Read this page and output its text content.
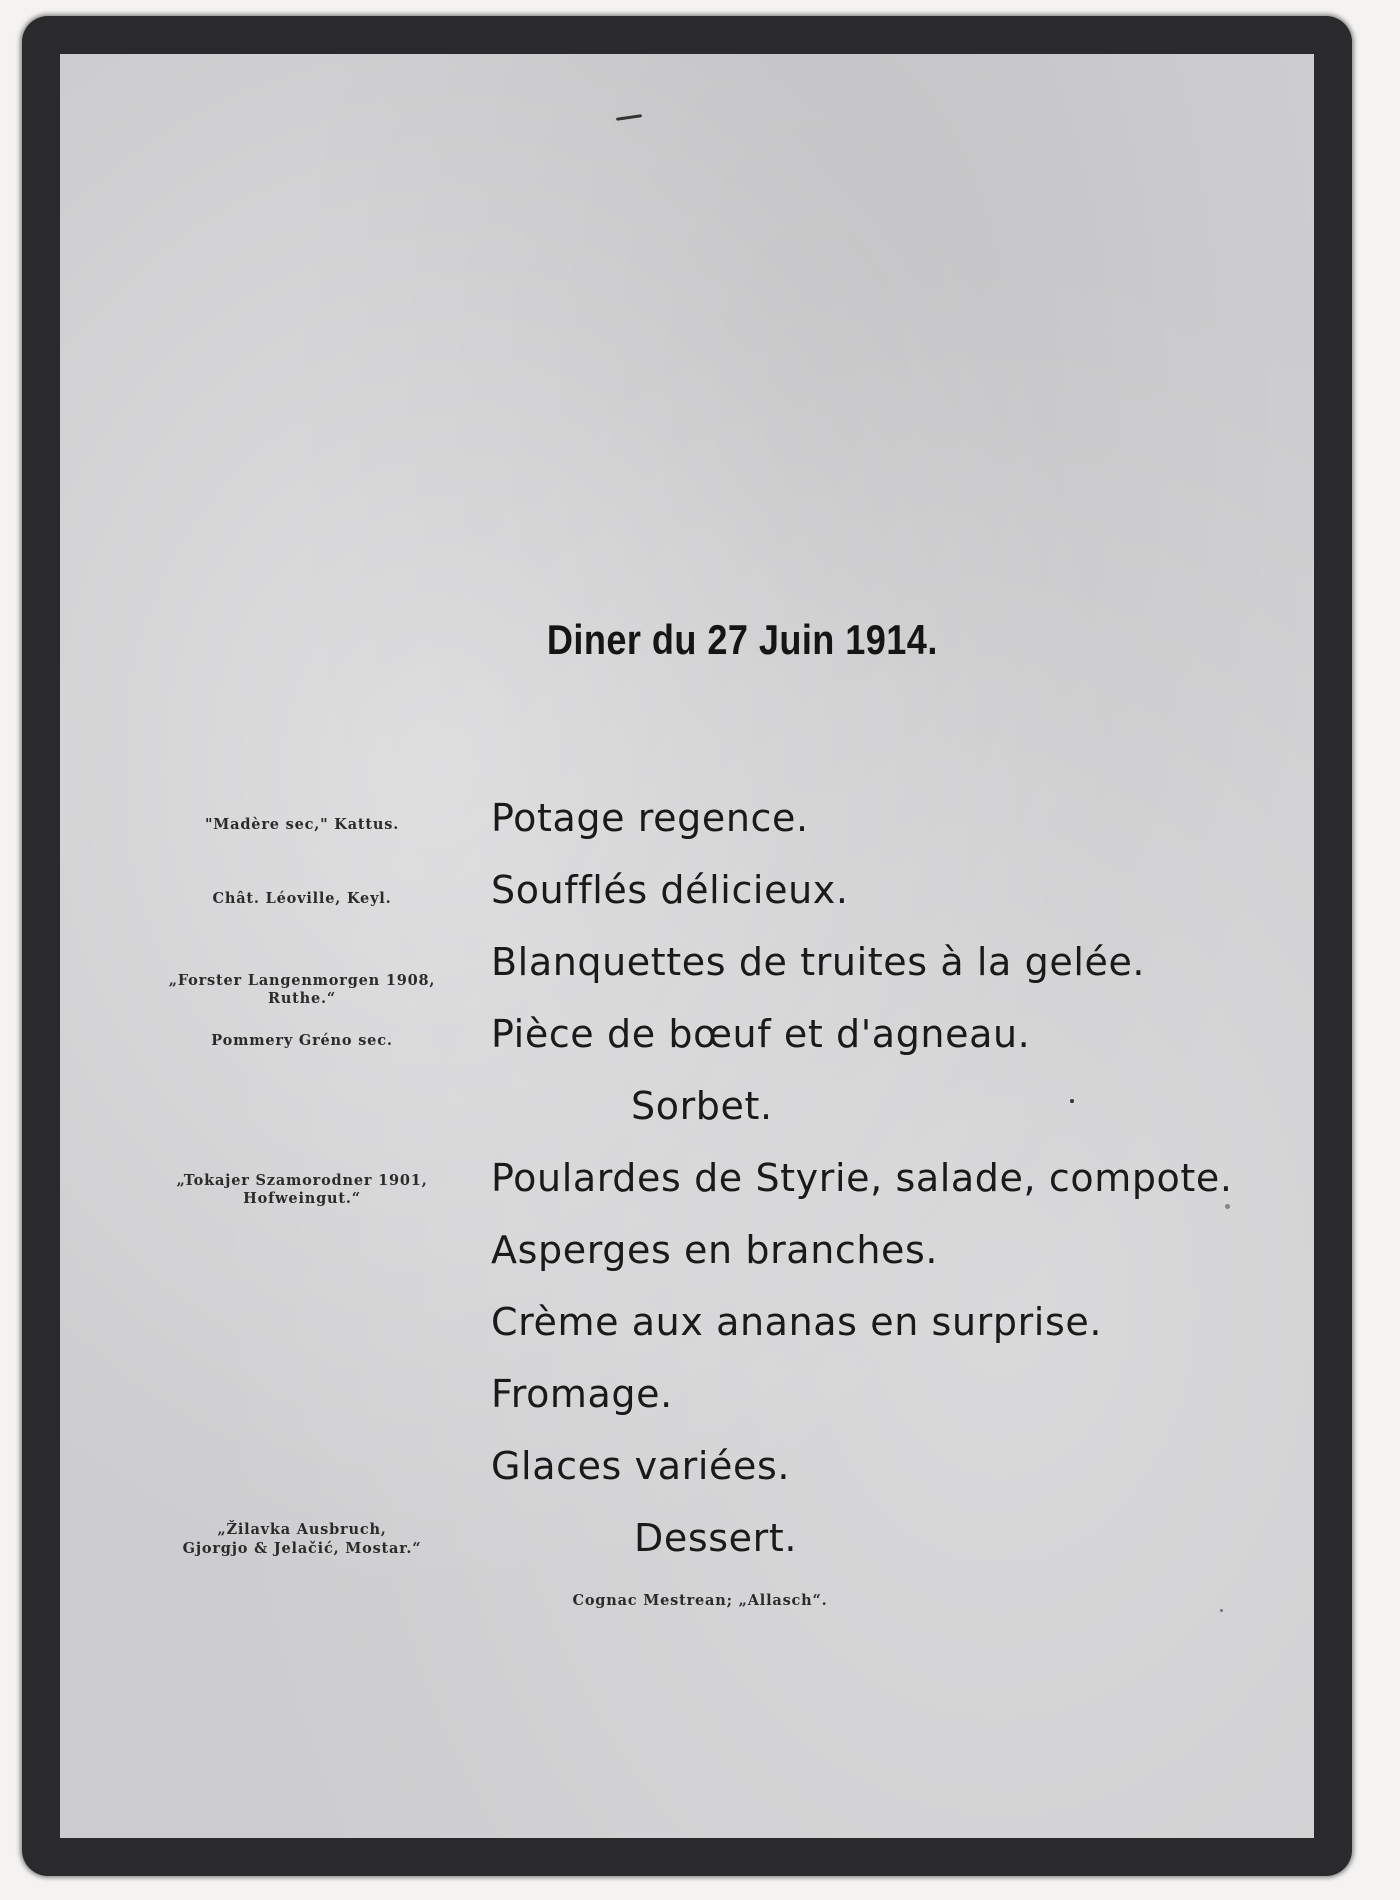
Diner du 27 Juin 1914.
Potage regence.
Soufflés délicieux.
Blanquettes de truites à la gelée.
Pièce de bœuf et d'agneau.
Sorbet.
Poulardes de Styrie, salade, compote.
Asperges en branches.
Crème aux ananas en surprise.
Fromage.
Glaces variées.
Dessert.
"Madère sec," Kattus.
Chât. Léoville, Keyl.
„Forster Langenmorgen 1908,
Ruthe.“
Pommery Gréno sec.
„Tokajer Szamorodner 1901,
Hofweingut.“
„Žilavka Ausbruch,
Gjorgjo & Jelačić, Mostar.“
Cognac Mestrean; „Allasch“.
